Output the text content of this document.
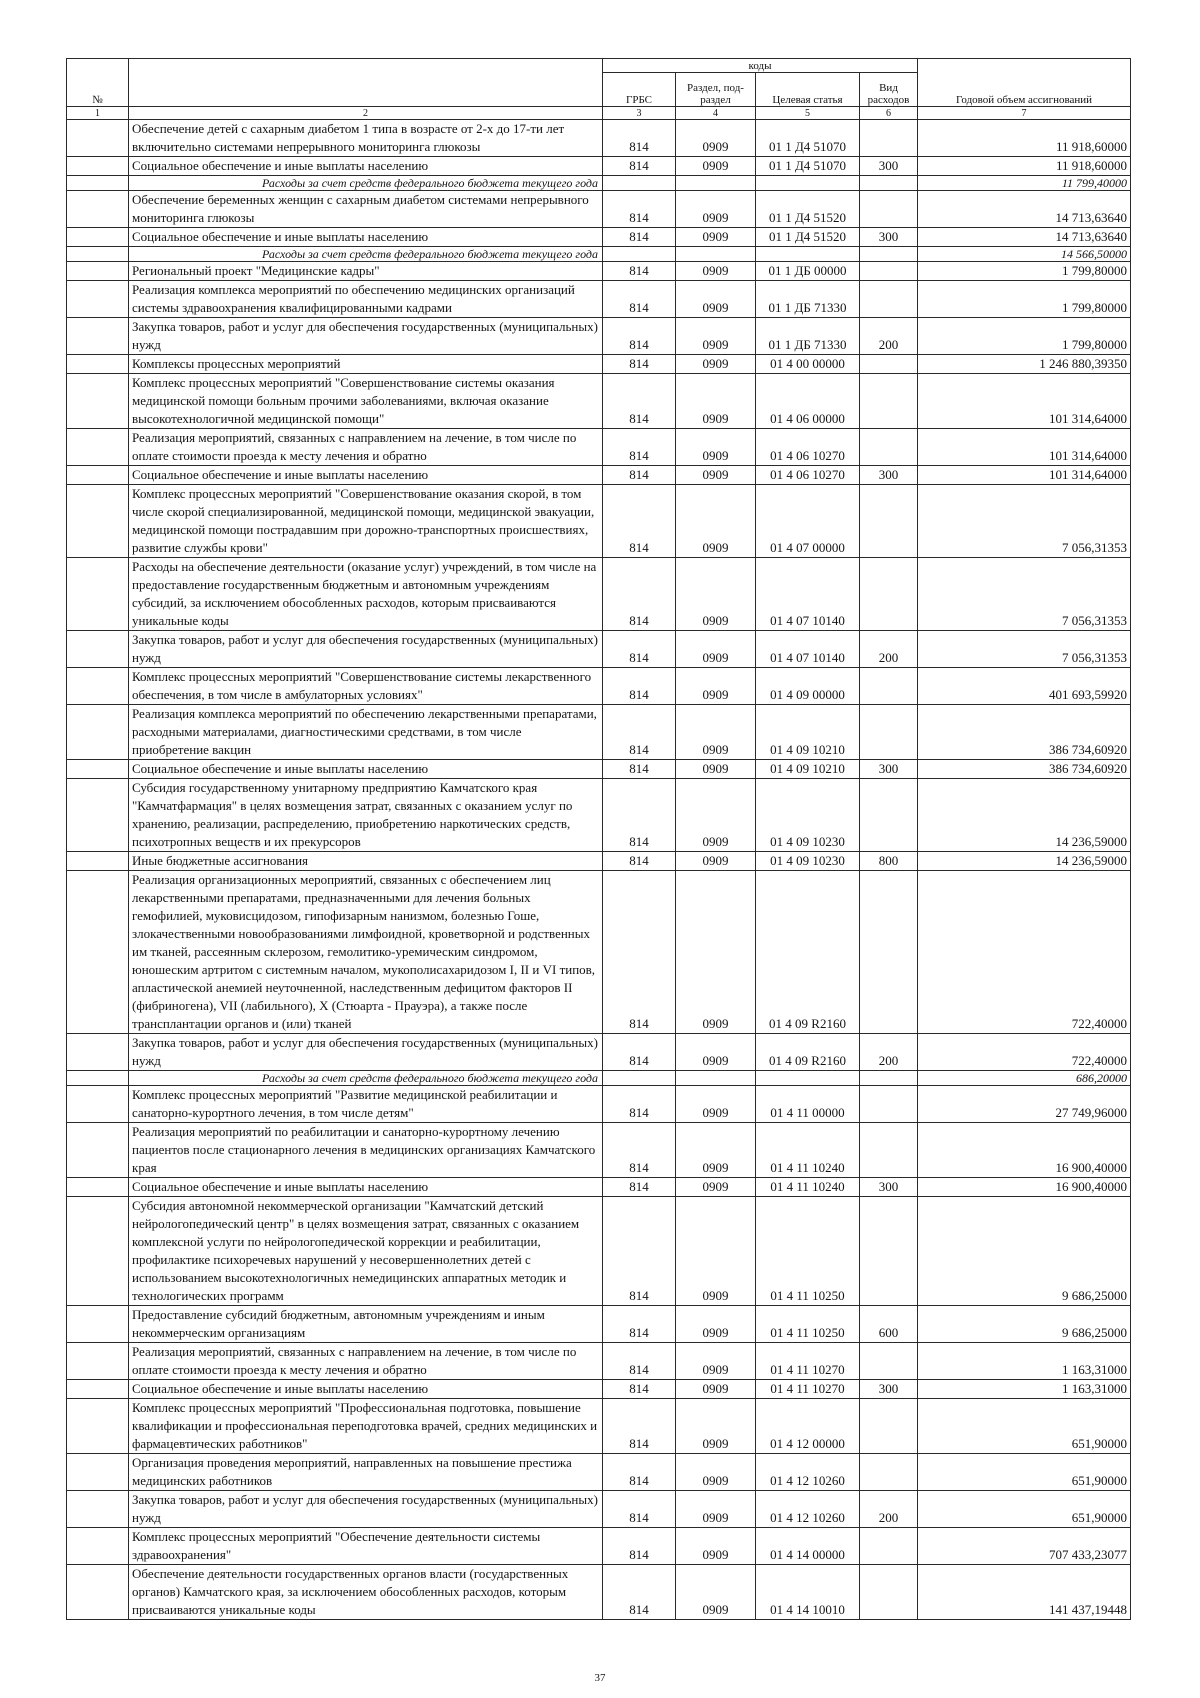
№		коды				Годовой объем ассигнований
		ГРБС	Раздел, под-раздел	Целевая статья	Вид расходов	
1	2	3	4	5	6	7
	Обеспечение детей с сахарным диабетом 1 типа в возрасте от 2-х до 17-ти лет включительно системами непрерывного мониторинга глюкозы	814	0909	01 1 Д4 51070		11 918,60000
	Социальное обеспечение и иные выплаты населению	814	0909	01 1 Д4 51070	300	11 918,60000
	Расходы за счет средств федерального бюджета текущего года					11 799,40000
	Обеспечение беременных женщин с сахарным диабетом системами непрерывного мониторинга глюкозы	814	0909	01 1 Д4 51520		14 713,63640
	Социальное обеспечение и иные выплаты населению	814	0909	01 1 Д4 51520	300	14 713,63640
	Расходы за счет средств федерального бюджета текущего года					14 566,50000
	Региональный проект "Медицинские кадры"	814	0909	01 1 ДБ 00000		1 799,80000
	Реализация комплекса мероприятий по обеспечению медицинских организаций системы здравоохранения квалифицированными кадрами	814	0909	01 1 ДБ 71330		1 799,80000
	Закупка товаров, работ и услуг для обеспечения государственных (муниципальных) нужд	814	0909	01 1 ДБ 71330	200	1 799,80000
	Комплексы процессных мероприятий	814	0909	01 4 00 00000		1 246 880,39350
	Комплекс процессных мероприятий "Совершенствование системы оказания медицинской помощи больным прочими заболеваниями, включая оказание высокотехнологичной медицинской помощи"	814	0909	01 4 06 00000		101 314,64000
	Реализация мероприятий, связанных с направлением на лечение, в том числе по оплате стоимости проезда к месту лечения и обратно	814	0909	01 4 06 10270		101 314,64000
	Социальное обеспечение и иные выплаты населению	814	0909	01 4 06 10270	300	101 314,64000
	Комплекс процессных мероприятий "Совершенствование оказания скорой, в том числе скорой специализированной, медицинской помощи, медицинской эвакуации, медицинской помощи пострадавшим при дорожно-транспортных происшествиях, развитие службы крови"	814	0909	01 4 07 00000		7 056,31353
	Расходы на обеспечение деятельности (оказание услуг) учреждений, в том числе на предоставление государственным бюджетным и автономным учреждениям субсидий, за исключением обособленных расходов, которым присваиваются уникальные коды	814	0909	01 4 07 10140		7 056,31353
	Закупка товаров, работ и услуг для обеспечения государственных (муниципальных) нужд	814	0909	01 4 07 10140	200	7 056,31353
	Комплекс процессных мероприятий "Совершенствование системы лекарственного обеспечения, в том числе в амбулаторных условиях"	814	0909	01 4 09 00000		401 693,59920
	Реализация комплекса мероприятий по обеспечению лекарственными препаратами, расходными материалами, диагностическими средствами, в том числе приобретение вакцин	814	0909	01 4 09 10210		386 734,60920
	Социальное обеспечение и иные выплаты населению	814	0909	01 4 09 10210	300	386 734,60920
	Субсидия государственному унитарному предприятию Камчатского края "Камчатфармация" в целях возмещения затрат, связанных с оказанием услуг по хранению, реализации, распределению, приобретению наркотических средств, психотропных веществ и их прекурсоров	814	0909	01 4 09 10230		14 236,59000
	Иные бюджетные ассигнования	814	0909	01 4 09 10230	800	14 236,59000
	Реализация организационных мероприятий, связанных с обеспечением лиц лекарственными препаратами, предназначенными для лечения больных гемофилией, муковисцидозом, гипофизарным нанизмом, болезнью Гоше, злокачественными новообразованиями лимфоидной, кроветворной и родственных им тканей, рассеянным склерозом, гемолитико-уремическим синдромом, юношеским артритом с системным началом, мукополисахаридозом I, II и VI типов, апластической анемией неуточненной, наследственным дефицитом факторов II (фибриногена), VII (лабильного), X (Стюарта - Прауэра), а также после трансплантации органов и (или) тканей	814	0909	01 4 09 R2160		722,40000
	Закупка товаров, работ и услуг для обеспечения государственных (муниципальных) нужд	814	0909	01 4 09 R2160	200	722,40000
	Расходы за счет средств федерального бюджета текущего года					686,20000
	Комплекс процессных мероприятий "Развитие медицинской реабилитации и санаторно-курортного лечения, в том числе детям"	814	0909	01 4 11 00000		27 749,96000
	Реализация мероприятий по реабилитации и санаторно-курортному лечению пациентов после стационарного лечения в медицинских организациях Камчатского края	814	0909	01 4 11 10240		16 900,40000
	Социальное обеспечение и иные выплаты населению	814	0909	01 4 11 10240	300	16 900,40000
	Субсидия автономной некоммерческой организации "Камчатский детский нейрологопедический центр" в целях возмещения затрат, связанных с оказанием комплексной услуги по нейрологопедической коррекции и реабилитации, профилактике психоречевых нарушений у несовершеннолетних детей с использованием высокотехнологичных немедицинских аппаратных методик и технологических программ	814	0909	01 4 11 10250		9 686,25000
	Предоставление субсидий бюджетным, автономным учреждениям и иным некоммерческим организациям	814	0909	01 4 11 10250	600	9 686,25000
	Реализация мероприятий, связанных с направлением на лечение, в том числе по оплате стоимости проезда к месту лечения и обратно	814	0909	01 4 11 10270		1 163,31000
	Социальное обеспечение и иные выплаты населению	814	0909	01 4 11 10270	300	1 163,31000
	Комплекс процессных мероприятий "Профессиональная подготовка, повышение квалификации и профессиональная переподготовка врачей, средних медицинских и фармацевтических работников"	814	0909	01 4 12 00000		651,90000
	Организация проведения мероприятий, направленных на повышение престижа медицинских работников	814	0909	01 4 12 10260		651,90000
	Закупка товаров, работ и услуг для обеспечения государственных (муниципальных) нужд	814	0909	01 4 12 10260	200	651,90000
	Комплекс процессных мероприятий "Обеспечение деятельности системы здравоохранения"	814	0909	01 4 14 00000		707 433,23077
	Обеспечение деятельности государственных органов власти (государственных органов) Камчатского края, за исключением обособленных расходов, которым присваиваются уникальные коды	814	0909	01 4 14 10010		141 437,19448
37
